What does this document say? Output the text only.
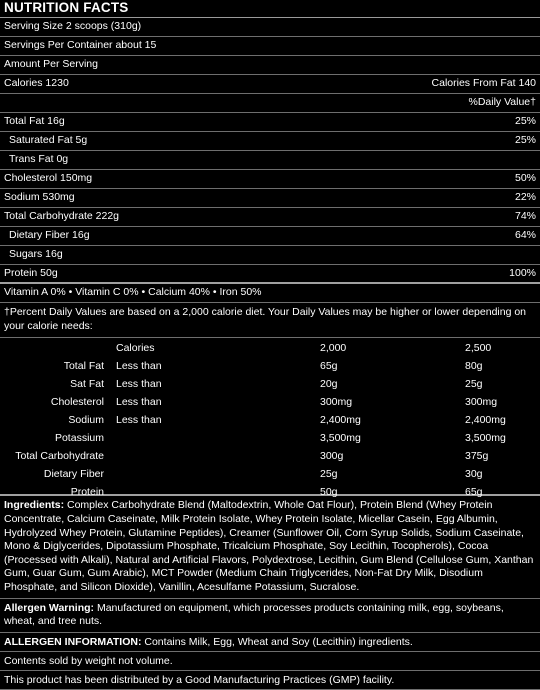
NUTRITION FACTS
Serving Size 2 scoops (310g)
Servings Per Container about 15
Amount Per Serving
Calories 1230	Calories From Fat 140
%Daily Value†
Total Fat 16g	25%
Saturated Fat 5g	25%
Trans Fat 0g
Cholesterol 150mg	50%
Sodium 530mg	22%
Total Carbohydrate 222g	74%
Dietary Fiber 16g	64%
Sugars 16g
Protein 50g	100%
Vitamin A 0% • Vitamin C 0% • Calcium 40% • Iron 50%
†Percent Daily Values are based on a 2,000 calorie diet. Your Daily Values may be higher or lower depending on your calorie needs:
	Calories	2,000	2,500
Total Fat	Less than	65g	80g
Sat Fat	Less than	20g	25g
Cholesterol	Less than	300mg	300mg
Sodium	Less than	2,400mg	2,400mg
Potassium		3,500mg	3,500mg
Total Carbohydrate		300g	375g
Dietary Fiber		25g	30g
Protein		50g	65g
Ingredients: Complex Carbohydrate Blend (Maltodextrin, Whole Oat Flour), Protein Blend (Whey Protein Concentrate, Calcium Caseinate, Milk Protein Isolate, Whey Protein Isolate, Micellar Casein, Egg Albumin, Hydrolyzed Whey Protein, Glutamine Peptides), Creamer (Sunflower Oil, Corn Syrup Solids, Sodium Caseinate, Mono & Diglycerides, Dipotassium Phosphate, Tricalcium Phosphate, Soy Lecithin, Tocopherols), Cocoa (Processed with Alkali), Natural and Artificial Flavors, Polydextrose, Lecithin, Gum Blend (Cellulose Gum, Xanthan Gum, Guar Gum, Gum Arabic), MCT Powder (Medium Chain Triglycerides, Non-Fat Dry Milk, Disodium Phosphate, and Silicon Dioxide), Vanillin, Acesulfame Potassium, Sucralose.
Allergen Warning: Manufactured on equipment, which processes products containing milk, egg, soybeans, wheat, and tree nuts.
ALLERGEN INFORMATION: Contains Milk, Egg, Wheat and Soy (Lecithin) ingredients.
Contents sold by weight not volume.
This product has been distributed by a Good Manufacturing Practices (GMP) facility.
